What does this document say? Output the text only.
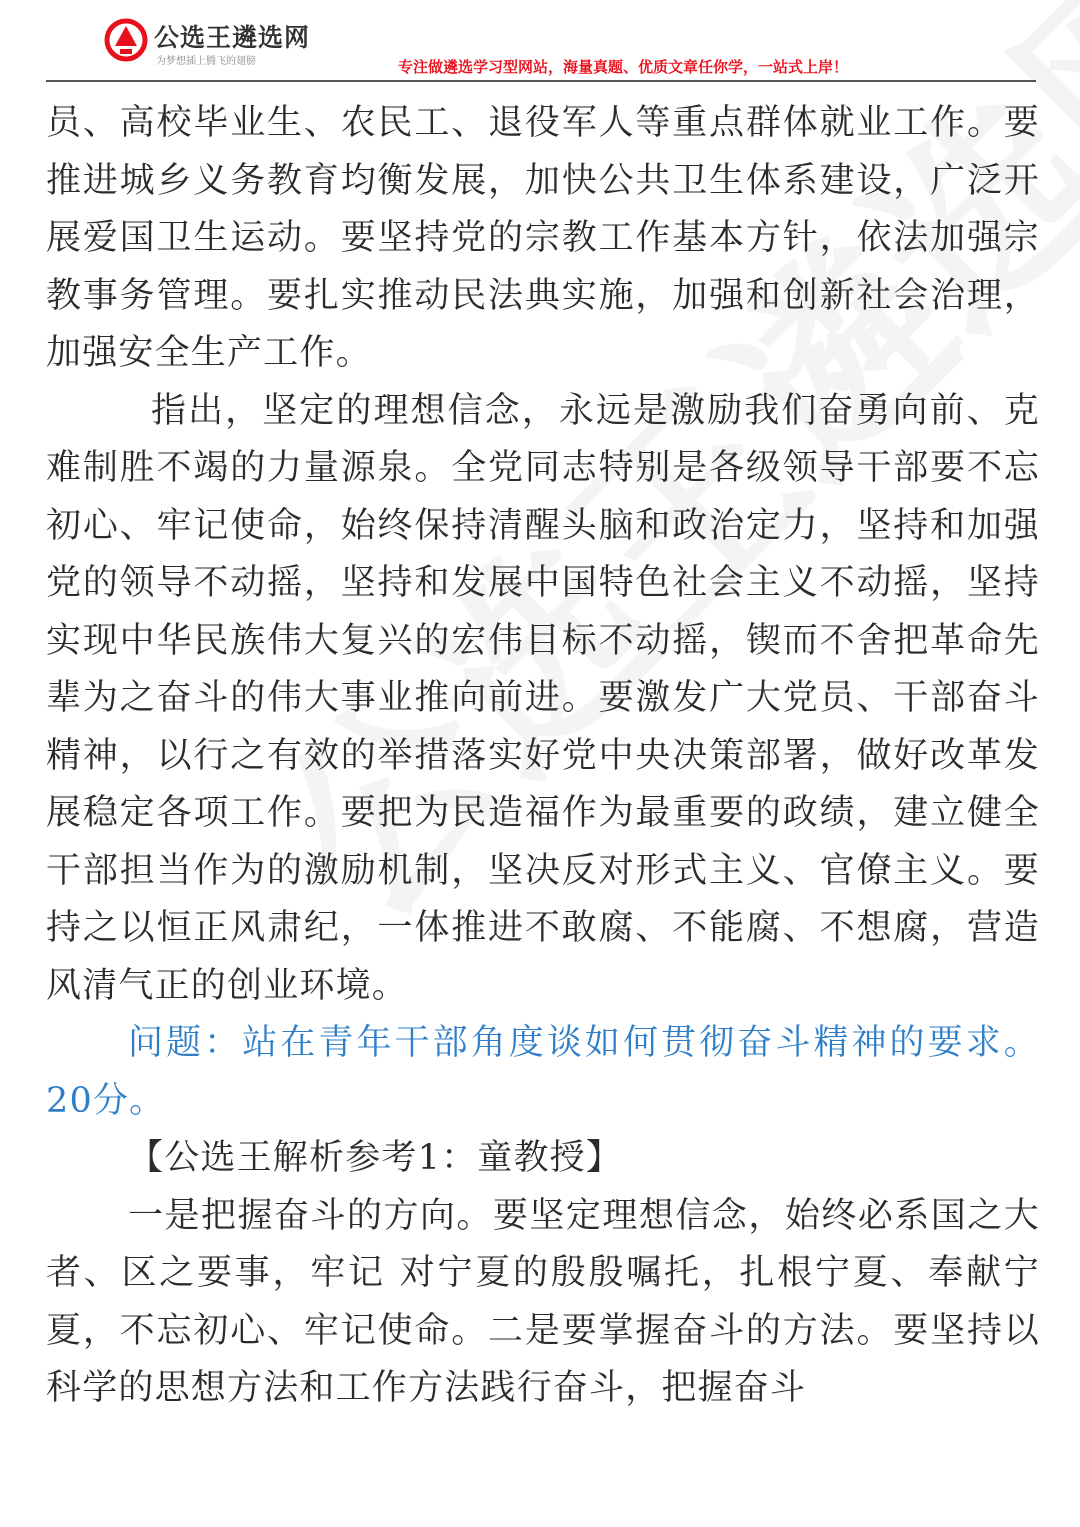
公选王遴选网
为梦想插上腾飞的翅膀	专注做遴选学习型网站，海量真题、优质文章任你学，一站式上岸！

员、高校毕业生、农民工、退役军人等重点群体就业工作。要推进城乡义务教育均衡发展，加快公共卫生体系建设，广泛开展爱国卫生运动。要坚持党的宗教工作基本方针，依法加强宗教事务管理。要扎实推动民法典实施，加强和创新社会治理，加强安全生产工作。

指出，坚定的理想信念，永远是激励我们奋勇向前、克难制胜不竭的力量源泉。全党同志特别是各级领导干部要不忘初心、牢记使命，始终保持清醒头脑和政治定力，坚持和加强党的领导不动摇，坚持和发展中国特色社会主义不动摇，坚持实现中华民族伟大复兴的宏伟目标不动摇，锲而不舍把革命先辈为之奋斗的伟大事业推向前进。要激发广大党员、干部奋斗精神，以行之有效的举措落实好党中央决策部署，做好改革发展稳定各项工作。要把为民造福作为最重要的政绩，建立健全干部担当作为的激励机制，坚决反对形式主义、官僚主义。要持之以恒正风肃纪，一体推进不敢腐、不能腐、不想腐，营造风清气正的创业环境。

问题：站在青年干部角度谈如何贯彻奋斗精神的要求。20分。

【公选王解析参考1：童教授】

一是把握奋斗的方向。要坚定理想信念，始终必系国之大者、区之要事，牢记 对宁夏的殷殷嘱托，扎根宁夏、奉献宁夏，不忘初心、牢记使命。二是要掌握奋斗的方法。要坚持以科学的思想方法和工作方法践行奋斗，把握奋斗
